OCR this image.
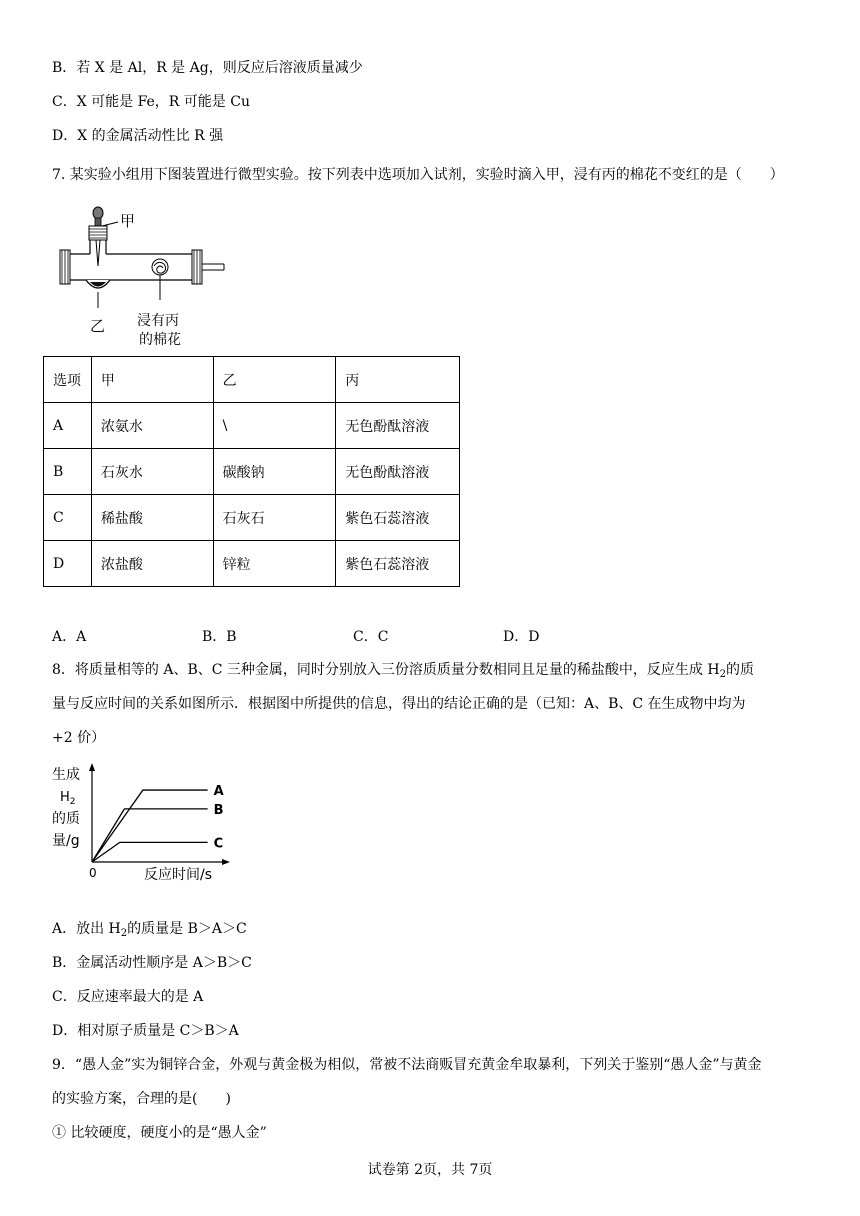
B．若 X 是 Al，R 是 Ag，则反应后溶液质量减少
C．X 可能是 Fe，R 可能是 Cu
D．X 的金属活动性比 R 强
7. 某实验小组用下图装置进行微型实验。按下列表中选项加入试剂，实验时滴入甲，浸有丙的棉花不变红的是（　　）
甲
乙 浸有丙
的棉花
选项	甲	乙	丙
A	浓氨水	\	无色酚酞溶液
B	石灰水	碳酸钠	无色酚酞溶液
C	稀盐酸	石灰石	紫色石蕊溶液
D	浓盐酸	锌粒	紫色石蕊溶液
A．A	B．B	C．C	D．D
8．将质量相等的 A、B、C 三种金属，同时分别放入三份溶质质量分数相同且足量的稀盐酸中，反应生成 $H_2$的质
量与反应时间的关系如图所示．根据图中所提供的信息，得出的结论正确的是（已知：A、B、C 在生成物中均为
+2 价）
生成
$H_2$
的质
量/g
0	反应时间/s
A
B
C
A．放出 $H_2$的质量是 B＞A＞C
B．金属活动性顺序是 A＞B＞C
C．反应速率最大的是 A
D．相对原子质量是 C＞B＞A
9．“愚人金”实为铜锌合金，外观与黄金极为相似，常被不法商贩冒充黄金牟取暴利，下列关于鉴别“愚人金”与黄金
的实验方案，合理的是(　　)
① 比较硬度，硬度小的是“愚人金”
试卷第 2页，共 7页
